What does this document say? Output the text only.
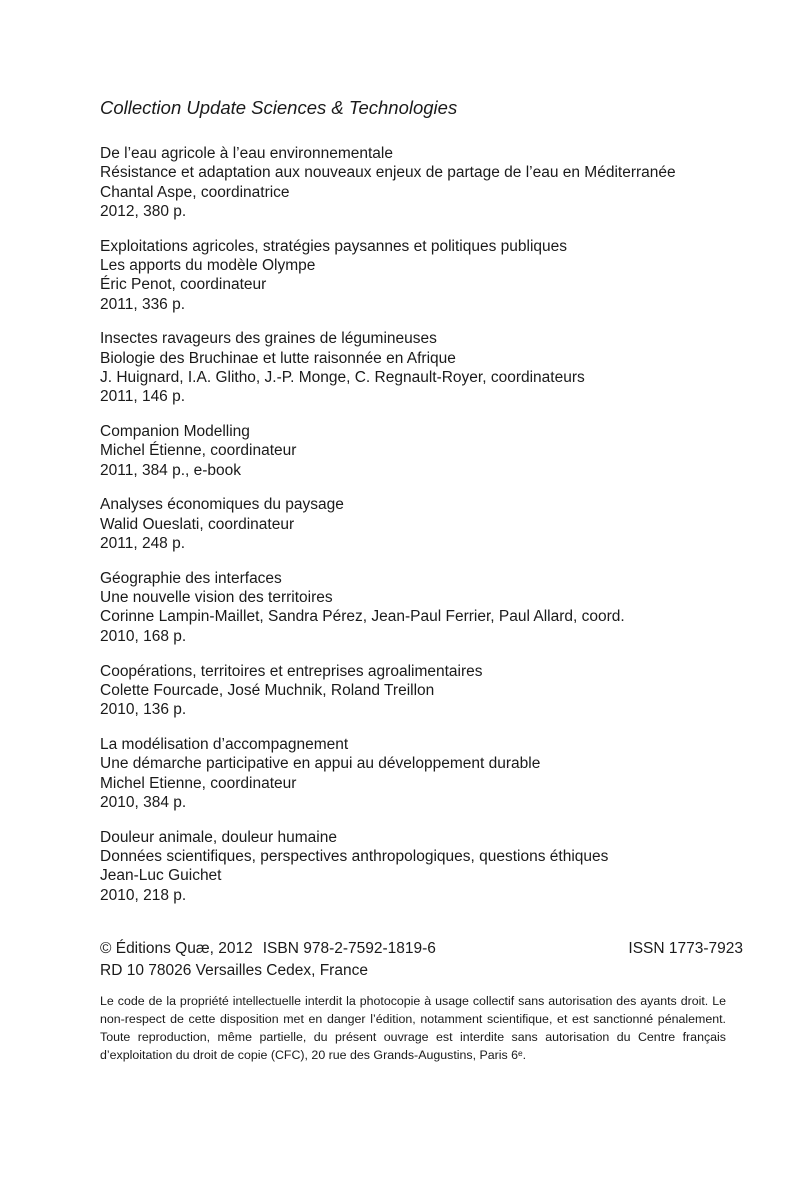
Collection Update Sciences & Technologies
De l’eau agricole à l’eau environnementale
Résistance et adaptation aux nouveaux enjeux de partage de l’eau en Méditerranée
Chantal Aspe, coordinatrice
2012, 380 p.
Exploitations agricoles, stratégies paysannes et politiques publiques
Les apports du modèle Olympe
Éric Penot, coordinateur
2011, 336 p.
Insectes ravageurs des graines de légumineuses
Biologie des Bruchinae et lutte raisonnée en Afrique
J. Huignard, I.A. Glitho, J.-P. Monge, C. Regnault-Royer, coordinateurs
2011, 146 p.
Companion Modelling
Michel Étienne, coordinateur
2011, 384 p., e-book
Analyses économiques du paysage
Walid Oueslati, coordinateur
2011, 248 p.
Géographie des interfaces
Une nouvelle vision des territoires
Corinne Lampin-Maillet, Sandra Pérez, Jean-Paul Ferrier, Paul Allard, coord.
2010, 168 p.
Coopérations, territoires et entreprises agroalimentaires
Colette Fourcade, José Muchnik, Roland Treillon
2010, 136 p.
La modélisation d’accompagnement
Une démarche participative en appui au développement durable
Michel Etienne, coordinateur
2010, 384 p.
Douleur animale, douleur humaine
Données scientifiques, perspectives anthropologiques, questions éthiques
Jean-Luc Guichet
2010, 218 p.
© Éditions Quæ, 2012 ISBN 978-2-7592-1819-6	ISSN 1773-7923
RD 10 78026 Versailles Cedex, France
Le code de la propriété intellectuelle interdit la photocopie à usage collectif sans autorisation des ayants droit. Le non-respect de cette disposition met en danger l’édition, notamment scientifique, et est sanctionné pénalement. Toute reproduction, même partielle, du présent ouvrage est interdite sans autorisation du Centre français d’exploitation du droit de copie (CFC), 20 rue des Grands-Augustins, Paris 6ᵉ.
